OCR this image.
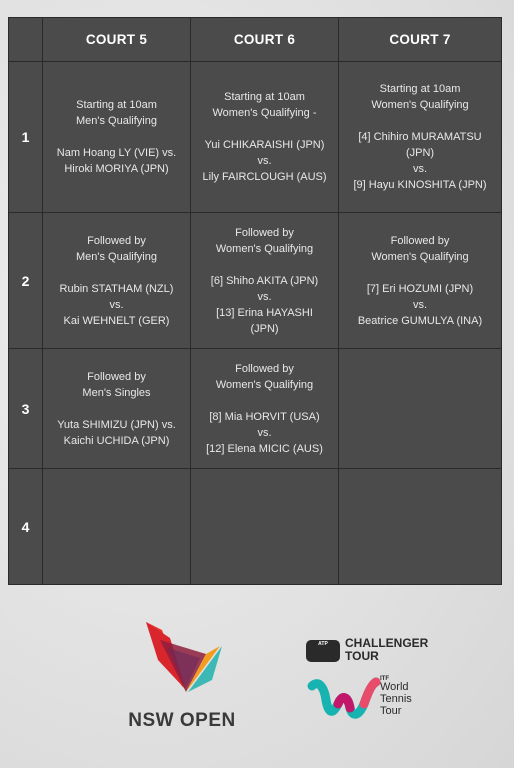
COURT 5	COURT 6	COURT 7
1
Starting at 10am
Men's Qualifying
Nam Hoang LY (VIE) vs.
Hiroki MORIYA (JPN)
Starting at 10am
Women's Qualifying -
Yui CHIKARAISHI (JPN)
vs.
Lily FAIRCLOUGH (AUS)
Starting at 10am
Women's Qualifying
[4] Chihiro MURAMATSU
(JPN)
vs.
[9] Hayu KINOSHITA (JPN)
2
Followed by
Men's Qualifying
Rubin STATHAM (NZL)
vs.
Kai WEHNELT (GER)
Followed by
Women's Qualifying
[6] Shiho AKITA (JPN)
vs.
[13] Erina HAYASHI
(JPN)
Followed by
Women's Qualifying
[7] Eri HOZUMI (JPN)
vs.
Beatrice GUMULYA (INA)
3
Followed by
Men's Singles
Yuta SHIMIZU (JPN) vs.
Kaichi UCHIDA (JPN)
Followed by
Women's Qualifying
[8] Mia HORVIT (USA)
vs.
[12] Elena MICIC (AUS)
4
NSW OPEN
ATP CHALLENGER
TOUR
ITF
World
Tennis
Tour
